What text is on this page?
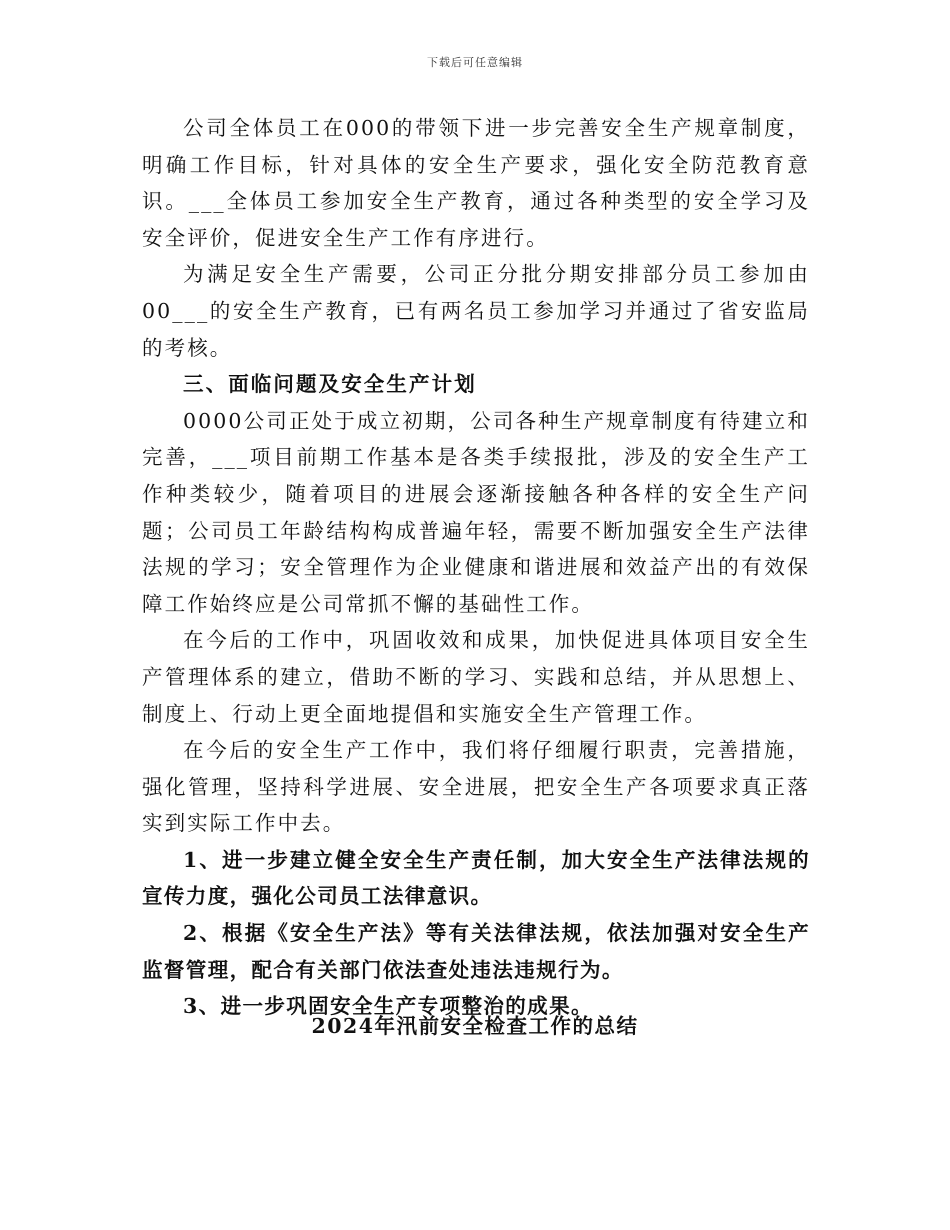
下载后可任意编辑

公司全体员工在000的带领下进一步完善安全生产规章制度，明确工作目标，针对具体的安全生产要求，强化安全防范教育意识。___全体员工参加安全生产教育，通过各种类型的安全学习及安全评价，促进安全生产工作有序进行。

为满足安全生产需要，公司正分批分期安排部分员工参加由00___的安全生产教育，已有两名员工参加学习并通过了省安监局的考核。

三、面临问题及安全生产计划

0000公司正处于成立初期，公司各种生产规章制度有待建立和完善，___项目前期工作基本是各类手续报批，涉及的安全生产工作种类较少，随着项目的进展会逐渐接触各种各样的安全生产问题；公司员工年龄结构构成普遍年轻，需要不断加强安全生产法律法规的学习；安全管理作为企业健康和谐进展和效益产出的有效保障工作始终应是公司常抓不懈的基础性工作。

在今后的工作中，巩固收效和成果，加快促进具体项目安全生产管理体系的建立，借助不断的学习、实践和总结，并从思想上、制度上、行动上更全面地提倡和实施安全生产管理工作。

在今后的安全生产工作中，我们将仔细履行职责，完善措施，强化管理，坚持科学进展、安全进展，把安全生产各项要求真正落实到实际工作中去。

1、进一步建立健全安全生产责任制，加大安全生产法律法规的宣传力度，强化公司员工法律意识。

2、根据《安全生产法》等有关法律法规，依法加强对安全生产监督管理，配合有关部门依法查处违法违规行为。

3、进一步巩固安全生产专项整治的成果。

2024年汛前安全检查工作的总结
